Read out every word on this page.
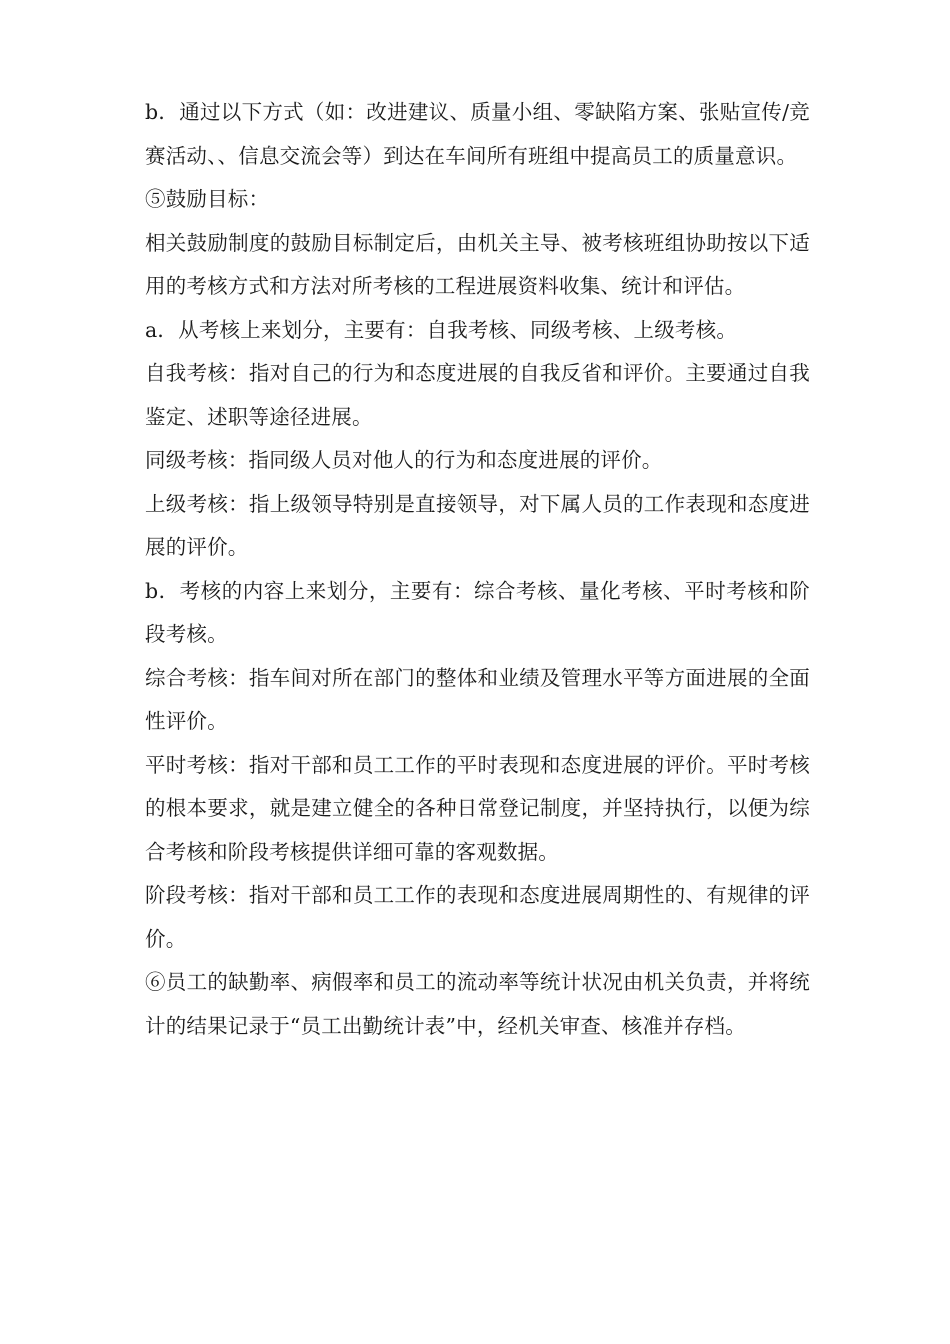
b．通过以下方式（如：改进建议、质量小组、零缺陷方案、张贴宣传/竞赛活动、、信息交流会等）到达在车间所有班组中提高员工的质量意识。

⑤鼓励目标：

相关鼓励制度的鼓励目标制定后，由机关主导、被考核班组协助按以下适用的考核方式和方法对所考核的工程进展资料收集、统计和评估。

a．从考核上来划分，主要有：自我考核、同级考核、上级考核。

自我考核：指对自己的行为和态度进展的自我反省和评价。主要通过自我鉴定、述职等途径进展。

同级考核：指同级人员对他人的行为和态度进展的评价。

上级考核：指上级领导特别是直接领导，对下属人员的工作表现和态度进展的评价。

b．考核的内容上来划分，主要有：综合考核、量化考核、平时考核和阶段考核。

综合考核：指车间对所在部门的整体和业绩及管理水平等方面进展的全面性评价。

平时考核：指对干部和员工工作的平时表现和态度进展的评价。平时考核的根本要求，就是建立健全的各种日常登记制度，并坚持执行，以便为综合考核和阶段考核提供详细可靠的客观数据。

阶段考核：指对干部和员工工作的表现和态度进展周期性的、有规律的评价。

⑥员工的缺勤率、病假率和员工的流动率等统计状况由机关负责，并将统计的结果记录于“员工出勤统计表”中，经机关审查、核准并存档。
